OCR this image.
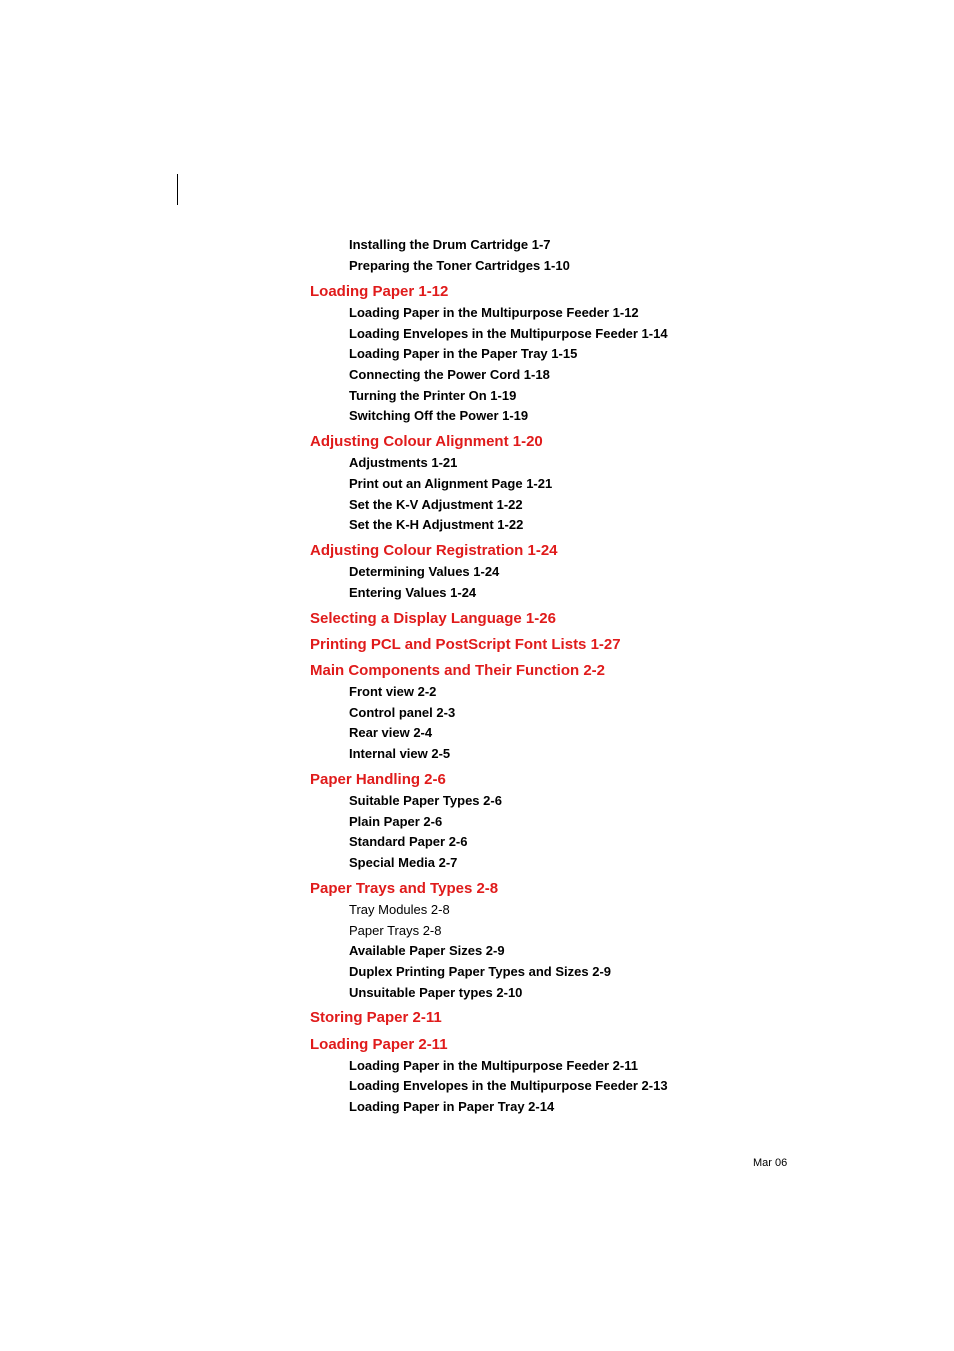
Installing the Drum Cartridge 1-7
Preparing the Toner Cartridges 1-10
Loading Paper 1-12
Loading Paper in the Multipurpose Feeder 1-12
Loading Envelopes in the Multipurpose Feeder 1-14
Loading Paper in the Paper Tray 1-15
Connecting the Power Cord 1-18
Turning the Printer On 1-19
Switching Off the Power 1-19
Adjusting Colour Alignment 1-20
Adjustments 1-21
Print out an Alignment Page 1-21
Set the K-V Adjustment 1-22
Set the K-H Adjustment 1-22
Adjusting Colour Registration 1-24
Determining Values 1-24
Entering Values 1-24
Selecting a Display Language 1-26
Printing PCL and PostScript Font Lists 1-27
Main Components and Their Function 2-2
Front view 2-2
Control panel 2-3
Rear view 2-4
Internal view 2-5
Paper Handling 2-6
Suitable Paper Types 2-6
Plain Paper 2-6
Standard Paper 2-6
Special Media 2-7
Paper Trays and Types 2-8
Tray Modules 2-8
Paper Trays 2-8
Available Paper Sizes 2-9
Duplex Printing Paper Types and Sizes 2-9
Unsuitable Paper types 2-10
Storing Paper 2-11
Loading Paper 2-11
Loading Paper in the Multipurpose Feeder 2-11
Loading Envelopes in the Multipurpose Feeder 2-13
Loading Paper in Paper Tray 2-14
Mar 06
